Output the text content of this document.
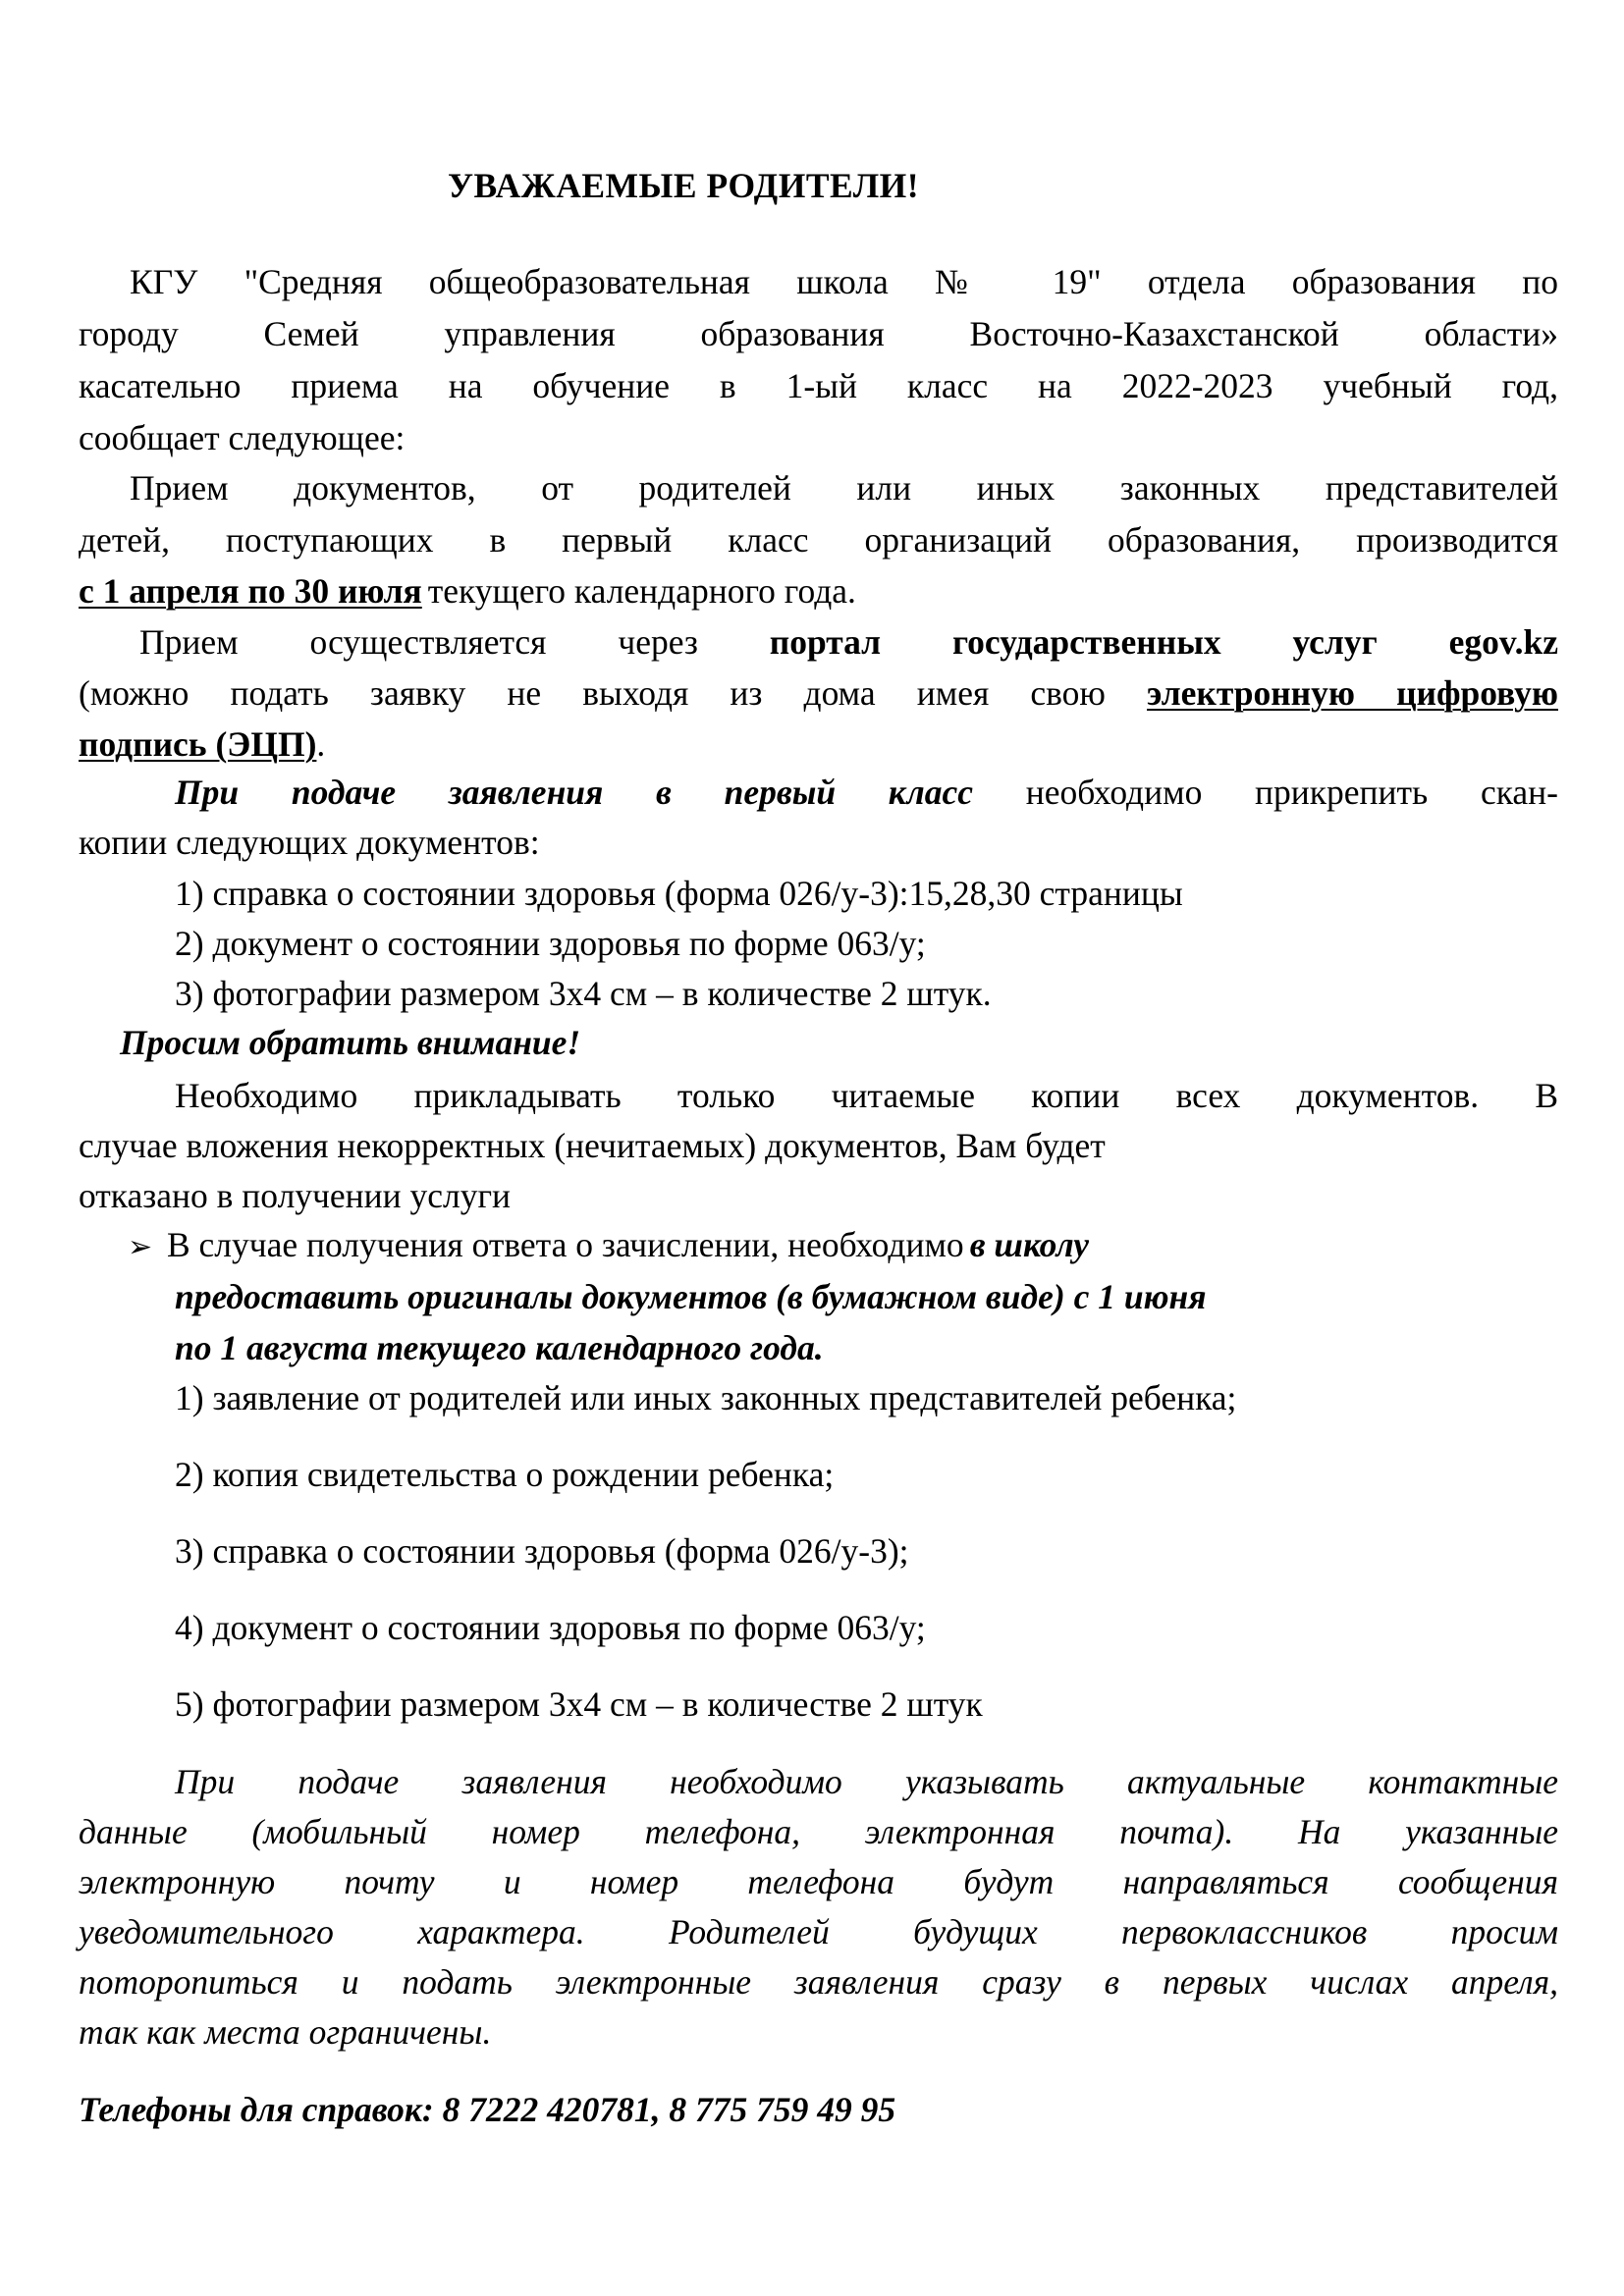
УВАЖАЕМЫЕ РОДИТЕЛИ!
КГУ "Средняя общеобразовательная школа № 19" отдела образования по
городу Семей управления образования Восточно-Казахстанской области»
касательно приема на обучение в 1-ый класс на 2022-2023 учебный год,
сообщает следующее:
Прием документов, от родителей или иных законных представителей
детей, поступающих в первый класс организаций образования, производится
с 1 апреля по 30 июля текущего календарного года.
Прием осуществляется через портал государственных услуг egov.kz
(можно подать заявку не выходя из дома имея свою электронную цифровую
подпись (ЭЦП).
При подаче заявления в первый класс необходимо прикрепить скан-
копии следующих документов:
1) справка о состоянии здоровья (форма 026/у-3):15,28,30 страницы
2) документ о состоянии здоровья по форме 063/у;
3) фотографии размером 3х4 см – в количестве 2 штук.
Просим обратить внимание!
Необходимо прикладывать только читаемые копии всех документов. В
случае вложения некорректных (нечитаемых) документов, Вам будет
отказано в получении услуги
➢ В случае получения ответа о зачислении, необходимо в школу
предоставить оригиналы документов (в бумажном виде) с 1 июня
по 1 августа текущего календарного года.
1) заявление от родителей или иных законных представителей ребенка;
2) копия свидетельства о рождении ребенка;
3) справка о состоянии здоровья (форма 026/у-3);
4) документ о состоянии здоровья по форме 063/у;
5) фотографии размером 3х4 см – в количестве 2 штук
При подаче заявления необходимо указывать актуальные контактные
данные (мобильный номер телефона, электронная почта). На указанные
электронную почту и номер телефона будут направляться сообщения
уведомительного характера. Родителей будущих первоклассников просим
поторопиться и подать электронные заявления сразу в первых числах апреля,
так как места ограничены.
Телефоны для справок: 8 7222 420781, 8 775 759 49 95
